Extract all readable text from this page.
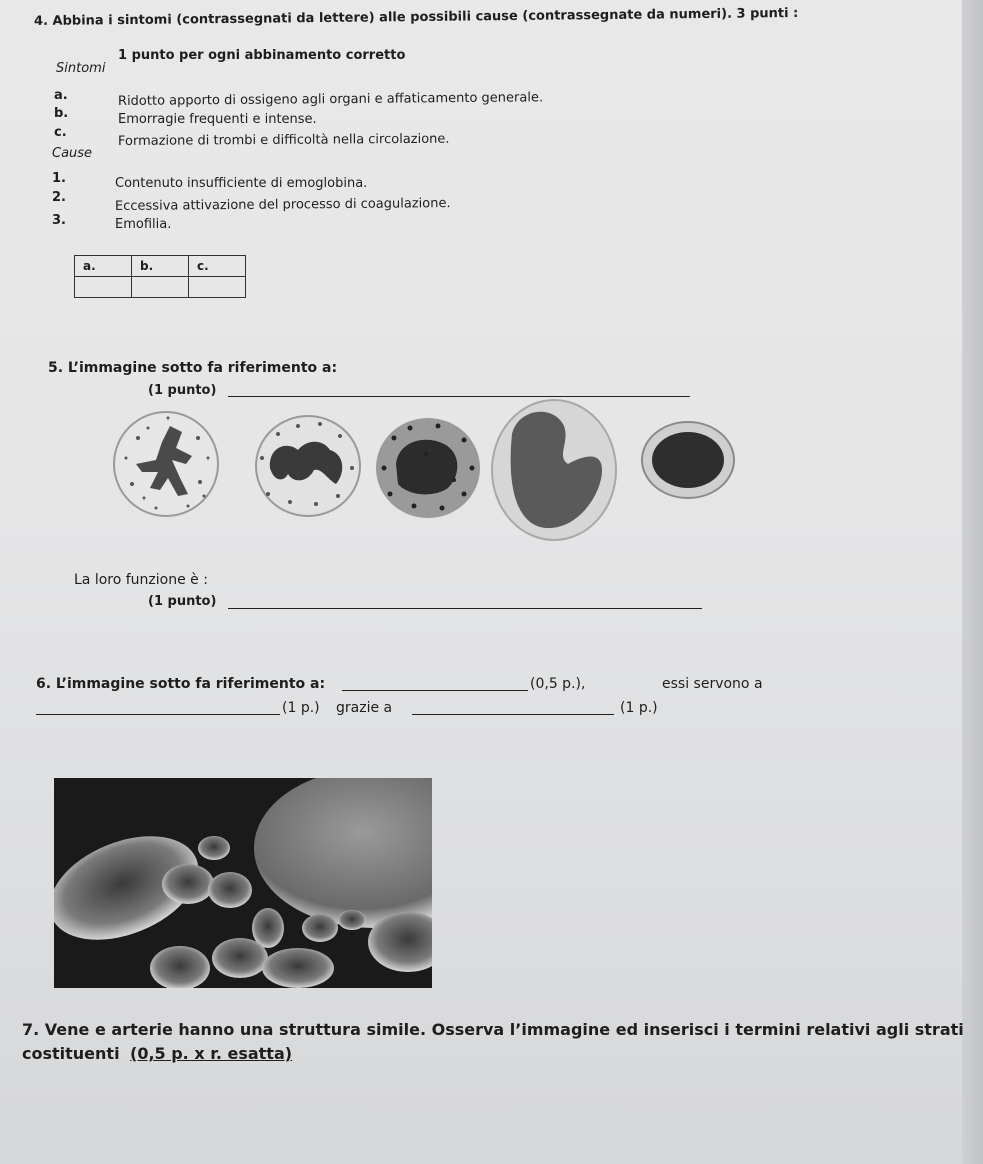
4. Abbina i sintomi (contrassegnati da lettere) alle possibili cause (contrassegnate da numeri). 3 punti :
1 punto per ogni abbinamento corretto
Sintomi
a.	Ridotto apporto di ossigeno agli organi e affaticamento generale.
b.	Emorragie frequenti e intense.
c.	Formazione di trombi e difficoltà nella circolazione.
Cause
1.	Contenuto insufficiente di emoglobina.
2.	Eccessiva attivazione del processo di coagulazione.
3.	Emofilia.
a.	b.	c.

5. L’immagine sotto fa riferimento a:
(1 punto)
La loro funzione è :
(1 punto)
6. L’immagine sotto fa riferimento a:	(0,5 p.),	essi servono a
(1 p.) grazie a	(1 p.)
7. Vene e arterie hanno una struttura simile. Osserva l’immagine ed inserisci i termini relativi agli strati
costituenti (0,5 p. x r. esatta)
